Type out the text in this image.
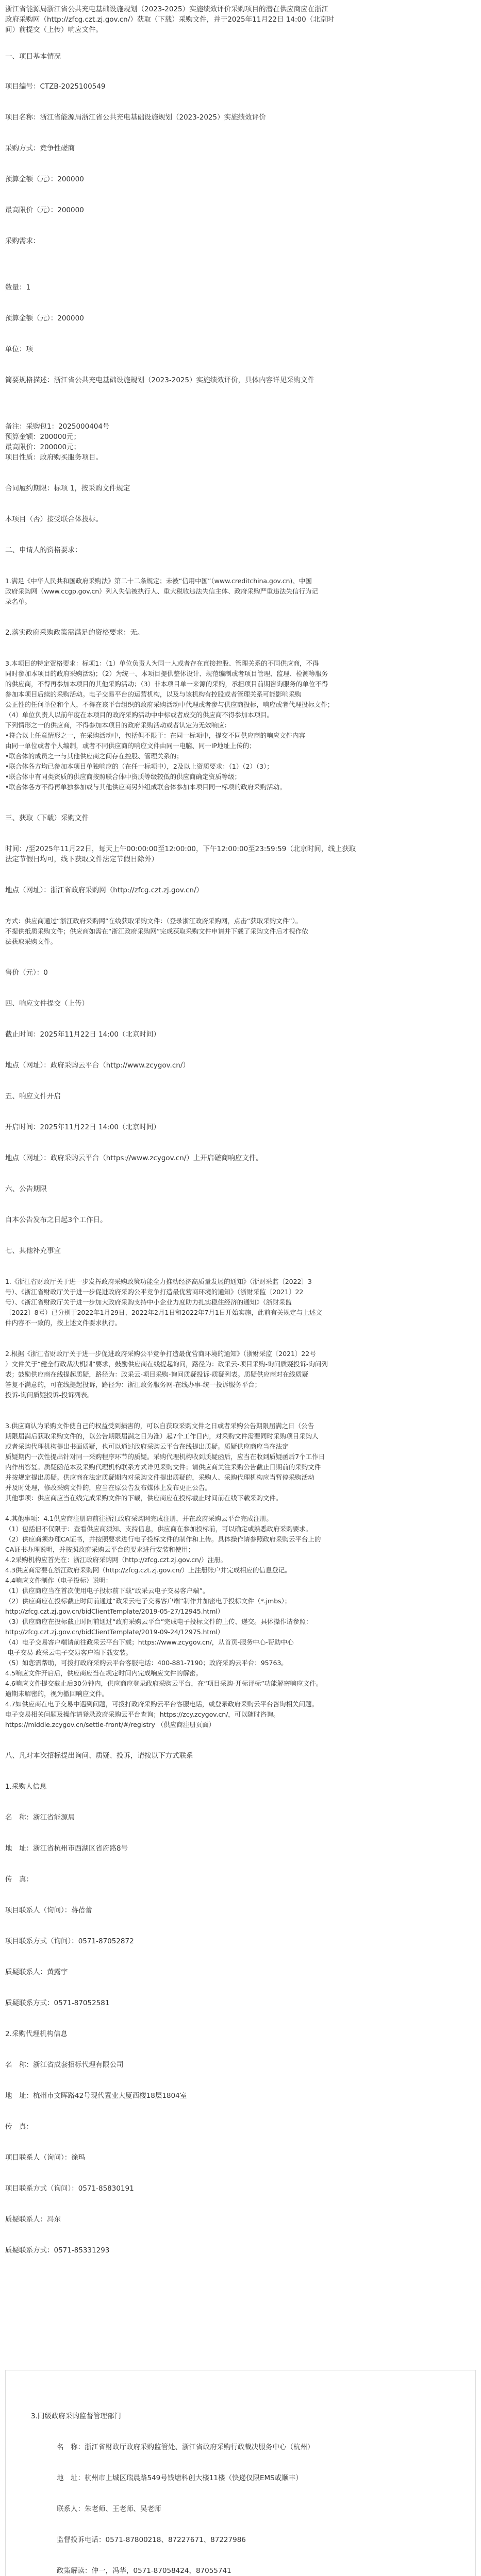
浙江省能源局浙江省公共充电基础设施规划（2023-2025）实施绩效评价采购项目的潜在供应商应在浙江
政府采购网（http://zfcg.czt.zj.gov.cn/）获取（下载）采购文件，并于2025年11月22日 14:00（北京时
间）前提交（上传）响应文件。
一、项目基本情况
项目编号：CTZB-2025100549
项目名称：浙江省能源局浙江省公共充电基础设施规划（2023-2025）实施绩效评价
采购方式：竞争性磋商
预算金额（元）：200000
最高限价（元）：200000
采购需求：
数量：1
预算金额（元）：200000
单位：项
简要规格描述：浙江省公共充电基础设施规划（2023-2025）实施绩效评价，具体内容详见采购文件
备注：采购包1：2025000404号
预算金额：200000元；
最高限价：200000元；
项目性质：政府购买服务项目。
合同履约期限：标项 1，按采购文件规定
本项目（否）接受联合体投标。
二、申请人的资格要求：
1.满足《中华人民共和国政府采购法》第二十二条规定；未被“信用中国”（www.creditchina.gov.cn)、中国
政府采购网（www.ccgp.gov.cn）列入失信被执行人、重大税收违法失信主体、政府采购严重违法失信行为记
录名单。
2.落实政府采购政策需满足的资格要求：无。
3.本项目的特定资格要求：标项1：（1）单位负责人为同一人或者存在直接控股、管理关系的不同供应商，不得
同时参加本项目的政府采购活动；（2）为统一、本项目提供整体设计、规范编制或者项目管理、监理、检测等服务
的供应商，不得再参加本项目的其他采购活动；（3）非本项目单一来源的采购，承担项目前期咨询服务的单位不得
参加本项目后续的采购活动。电子交易平台的运营机构，以及与该机构有控股或者管理关系可能影响采购
公正性的任何单位和个人，不得在该平台组织的政府采购活动中代理或者参与供应商投标，响应或者代理投标文件；
（4）单位负责人以前年度在本项目的政府采购活动中中标或者成交的供应商不得参加本项目。
下列情形之一的供应商，不得参加本项目的政府采购活动或者认定为无效响应：
•符合以上任意情形之一，在采购活动中，包括但不限于：在同一标项中，提交不同供应商的响应文件内容
由同一单位或者个人编制，或者不同供应商的响应文件由同一电脑、同一IP地址上传的；
•联合体的成员之一与其他供应商之间存在控股、管理关系的；
•联合体各方均已参加本项目单独响应的（在任一标项中），2及以上资质要求：（1）（2）（3）；
•联合体中有同类资质的供应商按照联合体中资质等级较低的供应商确定资质等级；
•联合体各方不得再单独参加或与其他供应商另外组成联合体参加本项目同一标项的政府采购活动。
三、获取（下载）采购文件
时间：/至2025年11月22日，每天上午00:00:00至12:00:00，下午12:00:00至23:59:59（北京时间，线上获取
法定节假日均可，线下获取文件法定节假日除外）
地点（网址）：浙江省政府采购网（http://zfcg.czt.zj.gov.cn/）
方式：供应商通过“浙江政府采购网”在线获取采购文件：（登录浙江政府采购网，点击“获取采购文件”）。
不提供纸质采购文件；供应商如需在“浙江政府采购网”完成获取采购文件申请并下载了采购文件后才视作依
法获取采购文件。
售价（元）：0
四、响应文件提交（上传）
截止时间：2025年11月22日 14:00（北京时间）
地点（网址）：政府采购云平台（http://www.zcygov.cn/）
五、响应文件开启
开启时间：2025年11月22日 14:00（北京时间）
地点（网址）：政府采购云平台（https://www.zcygov.cn/）上开启磋商响应文件。
六、公告期限
自本公告发布之日起3个工作日。
七、其他补充事宜
1.《浙江省财政厅关于进一步发挥政府采购政策功能全力推动经济高质量发展的通知》（浙财采监〔2022〕3
号）、《浙江省财政厅关于进一步促进政府采购公平竞争打造最优营商环境的通知》（浙财采监〔2021〕22
号）、《浙江省财政厅关于进一步加大政府采购支持中小企业力度助力扎实稳住经济的通知》（浙财采监
〔2022〕8号）已分别于2022年1月29日、2022年2月1日和2022年7月1日开始实施，此前有关规定与上述文
件内容不一致的，按上述文件要求执行。
2.根据《浙江省财政厅关于进一步促进政府采购公平竞争打造最优营商环境的通知》（浙财采监〔2021〕22号
）文件关于“健全行政裁决机制”要求，鼓励供应商在线提起询问，路径为：政采云-项目采购-询问质疑投诉-询问列
表；鼓励供应商在线提起质疑，路径为：政采云-项目采购-询问质疑投诉-质疑列表。质疑供应商对在线质疑
答复不满意的，可在线提起投诉，路径为：浙江政务服务网-在线办事-统一投诉服务平台；
投诉-询问质疑投诉-投诉列表。
3.供应商认为采购文件使自己的权益受到损害的，可以自获取采购文件之日或者采购公告期限届满之日（公告
期限届满后获取采购文件的，以公告期限届满之日为准）起7个工作日内，对采购文件需要同时采购项目采购人
或者采购代理机构提出书面质疑，也可以通过政府采购云平台在线提出质疑。质疑供应商应当在法定
质疑期内一次性提出针对同一采购程序环节的质疑。采购代理机构收到质疑函后，应当在收到质疑函后7个工作日
内作出答复。质疑函范本及采购代理机构联系方式详见采购文件；请供应商关注采购公告截止日期前的采购文件
并按规定提出质疑。供应商在法定质疑期内对采购文件提出质疑的，采购人、采购代理机构应当暂停采购活动
并及时处理，修改采购文件的，应当在原公告发布媒体上发布更正公告。
其他事项：供应商应当在线完成采购文件的下载，供应商应在投标截止时间前在线下载采购文件。
4.其他事项：4.1供应商注册请前往浙江政府采购网完成注册，并在政府采购云平台完成注册。
（1）包括但不仅限于：查看供应商须知、支持信息，供应商在参加投标前，可以确定或熟悉政府采购要求。
（2）供应商须办理CA证书，并按照要求进行电子投标文件的制作和上传。具体操作请参照政府采购云平台上的
CA证书办理说明，并按照政府采购云平台的要求进行安装和使用；
4.2采购机构应首先在：浙江政府采购网（http://zfcg.czt.zj.gov.cn/）注册。
4.3供应商需要在浙江政府采购网（http://zfcg.czt.zj.gov.cn/）上注册账户并完成相应的信息登记。
4.4响应文件制作（电子投标）说明：
（1）供应商应当在首次使用电子投标前下载“政采云电子交易客户端”。
（2）供应商应在投标截止时间前通过“政采云电子交易客户端”制作并加密电子投标文件（*.jmbs）；
http://zfcg.czt.zj.gov.cn/bidClientTemplate/2019-05-27/12945.html）
（3）供应商应在投标截止时间前通过“政府采购云平台”完成电子投标文件的上传、递交。具体操作请参照：
http://zfcg.czt.zj.gov.cn/bidClientTemplate/2019-09-24/12975.html）
（4）电子交易客户端请前往政采云平台下载；https://www.zcygov.cn/，从首页-服务中心-帮助中心
-电子交易-政采云电子交易客户端下载安装。
（5）如您需帮助，可拨打政府采购云平台客服电话：400-881-7190；政府采购云平台：95763。
4.5响应文件开启后，供应商应当在规定时间内完成响应文件的解密。
4.6响应文件提交截止后30分钟内，供应商应登录政府采购云平台，在“项目采购-开标评标”功能解密响应文件。
逾期未解密的，视为撤回响应文件。
4.7如供应商在电子交易中遇到问题，可拨打政府采购云平台客服电话，或登录政府采购云平台咨询相关问题。
电子交易相关问题及操作请登录政府采购云平台查询；https://zcy.zcygov.cn/，可以随时咨询。
https://middle.zcygov.cn/settle-front/#/registry （供应商注册页面）
八、凡对本次招标提出询问、质疑、投诉，请按以下方式联系
1.采购人信息
名　称：浙江省能源局
地　址：浙江省杭州市西湖区省府路8号
传　真：
项目联系人（询问）：蒋蓓蕾
项目联系方式（询问）：0571-87052872
质疑联系人：黄露宇
质疑联系方式：0571-87052581
2.采购代理机构信息
名　称：浙江省成套招标代理有限公司
地　址：杭州市文晖路42号现代置业大厦西楼18层1804室
传　真：
项目联系人（询问）：徐玛
项目联系方式（询问）：0571-85830191
质疑联系人：冯东
质疑联系方式：0571-85331293
3.同级政府采购监督管理部门
名　称：浙江省财政厅政府采购监管处、浙江省政府采购行政裁决服务中心（杭州）
地　址：杭州市上城区瑞晨路549号钱塘科创大楼11楼（快递仅限EMS或顺丰）
联系人：朱老师、王老师、吴老师
监督投诉电话：0571-87800218、87227671、87227986
政策解读：仲一，冯华，0571-87058424，87055741
